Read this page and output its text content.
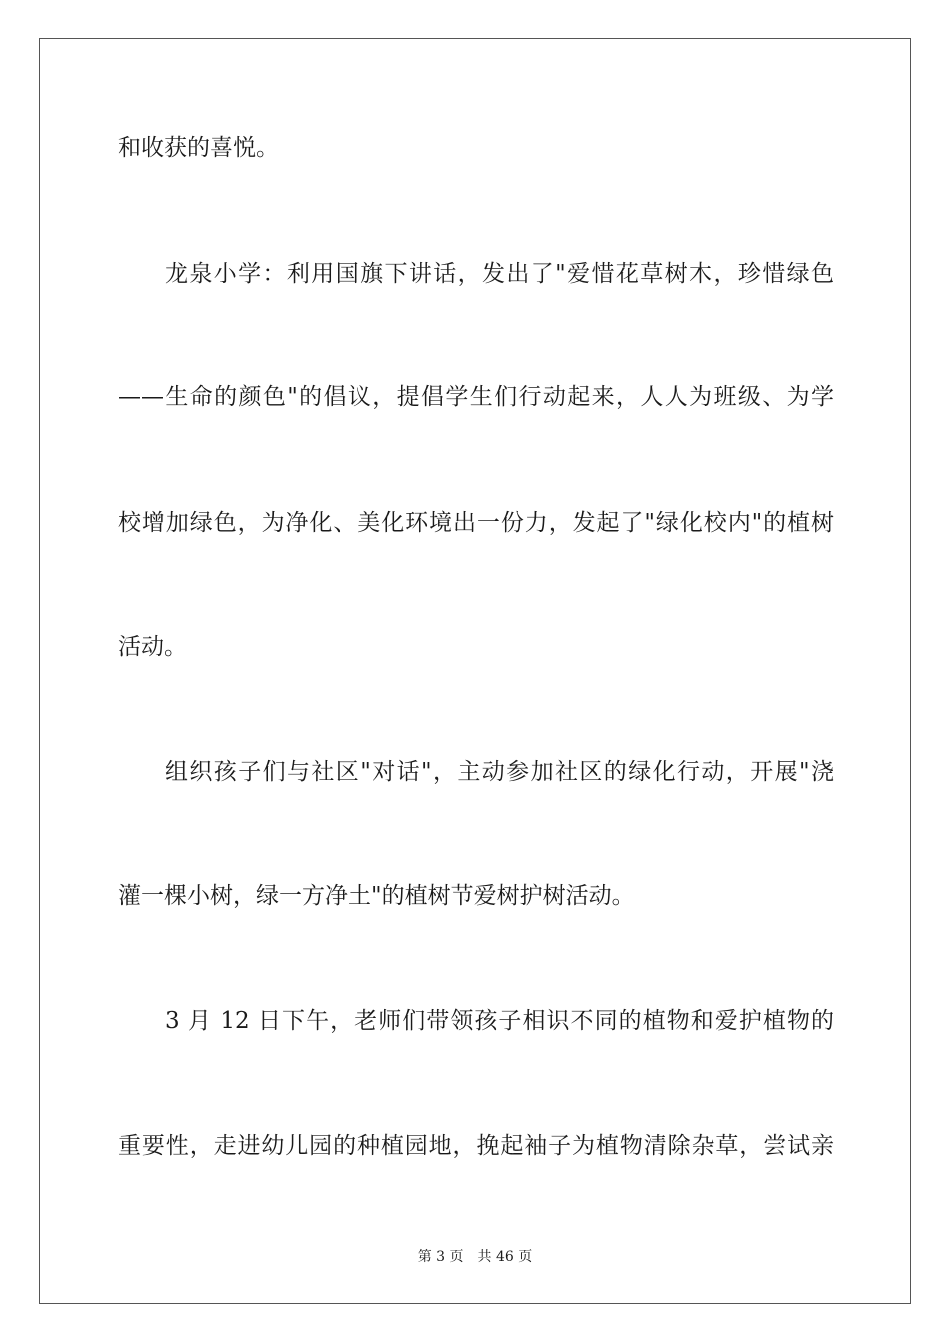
和收获的喜悦。
龙泉小学：利用国旗下讲话，发出了"爱惜花草树木，珍惜绿色
——生命的颜色"的倡议，提倡学生们行动起来，人人为班级、为学
校增加绿色，为净化、美化环境出一份力，发起了"绿化校内"的植树
活动。
组织孩子们与社区"对话"，主动参加社区的绿化行动，开展"浇
灌一棵小树，绿一方净土"的植树节爱树护树活动。
3 月 12 日下午，老师们带领孩子相识不同的植物和爱护植物的
重要性，走进幼儿园的种植园地，挽起袖子为植物清除杂草，尝试亲
第 3 页 共 46 页
